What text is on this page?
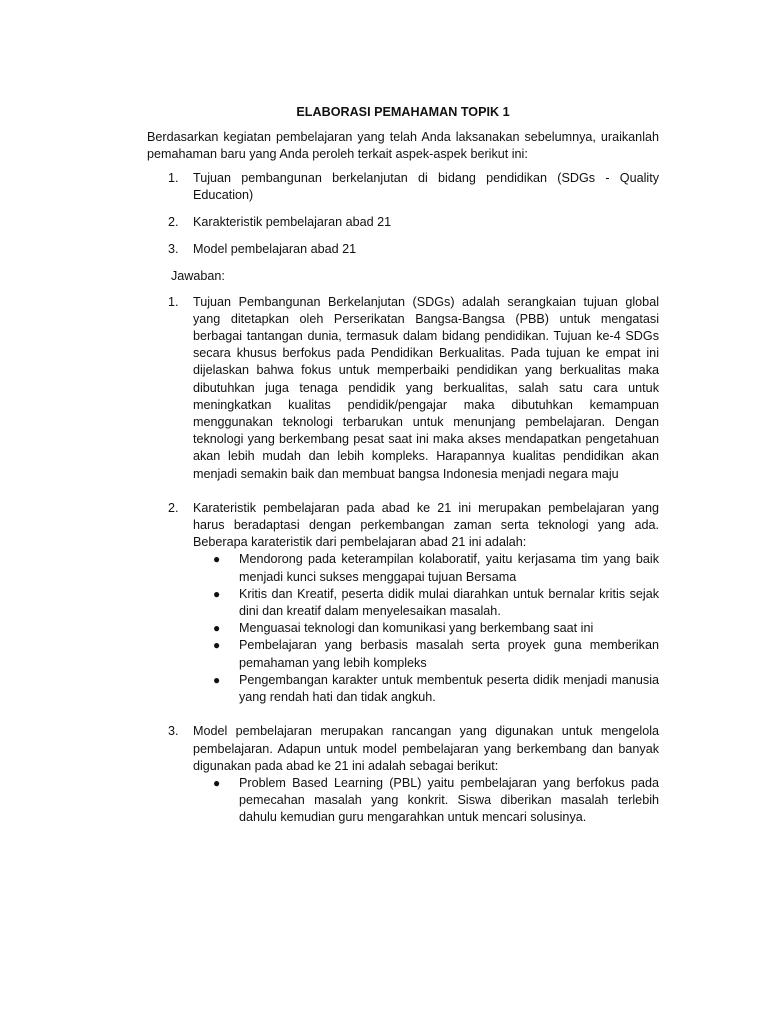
ELABORASI PEMAHAMAN TOPIK 1
Berdasarkan kegiatan pembelajaran yang telah Anda laksanakan sebelumnya, uraikanlah pemahaman baru yang Anda peroleh terkait aspek-aspek berikut ini:
1. Tujuan pembangunan berkelanjutan di bidang pendidikan (SDGs - Quality Education)
2. Karakteristik pembelajaran abad 21
3. Model pembelajaran abad 21
Jawaban:
1. Tujuan Pembangunan Berkelanjutan (SDGs) adalah serangkaian tujuan global yang ditetapkan oleh Perserikatan Bangsa-Bangsa (PBB) untuk mengatasi berbagai tantangan dunia, termasuk dalam bidang pendidikan. Tujuan ke-4 SDGs secara khusus berfokus pada Pendidikan Berkualitas. Pada tujuan ke empat ini dijelaskan bahwa fokus untuk memperbaiki pendidikan yang berkualitas maka dibutuhkan juga tenaga pendidik yang berkualitas, salah satu cara untuk meningkatkan kualitas pendidik/pengajar maka dibutuhkan kemampuan menggunakan teknologi terbarukan untuk menunjang pembelajaran. Dengan teknologi yang berkembang pesat saat ini maka akses mendapatkan pengetahuan akan lebih mudah dan lebih kompleks. Harapannya kualitas pendidikan akan menjadi semakin baik dan membuat bangsa Indonesia menjadi negara maju
2. Karateristik pembelajaran pada abad ke 21 ini merupakan pembelajaran yang harus beradaptasi dengan perkembangan zaman serta teknologi yang ada. Beberapa karateristik dari pembelajaran abad 21 ini adalah:
● Mendorong pada keterampilan kolaboratif, yaitu kerjasama tim yang baik menjadi kunci sukses menggapai tujuan Bersama
● Kritis dan Kreatif, peserta didik mulai diarahkan untuk bernalar kritis sejak dini dan kreatif dalam menyelesaikan masalah.
● Menguasai teknologi dan komunikasi yang berkembang saat ini
● Pembelajaran yang berbasis masalah serta proyek guna memberikan pemahaman yang lebih kompleks
● Pengembangan karakter untuk membentuk peserta didik menjadi manusia yang rendah hati dan tidak angkuh.
3. Model pembelajaran merupakan rancangan yang digunakan untuk mengelola pembelajaran. Adapun untuk model pembelajaran yang berkembang dan banyak digunakan pada abad ke 21 ini adalah sebagai berikut:
● Problem Based Learning (PBL) yaitu pembelajaran yang berfokus pada pemecahan masalah yang konkrit. Siswa diberikan masalah terlebih dahulu kemudian guru mengarahkan untuk mencari solusinya.
